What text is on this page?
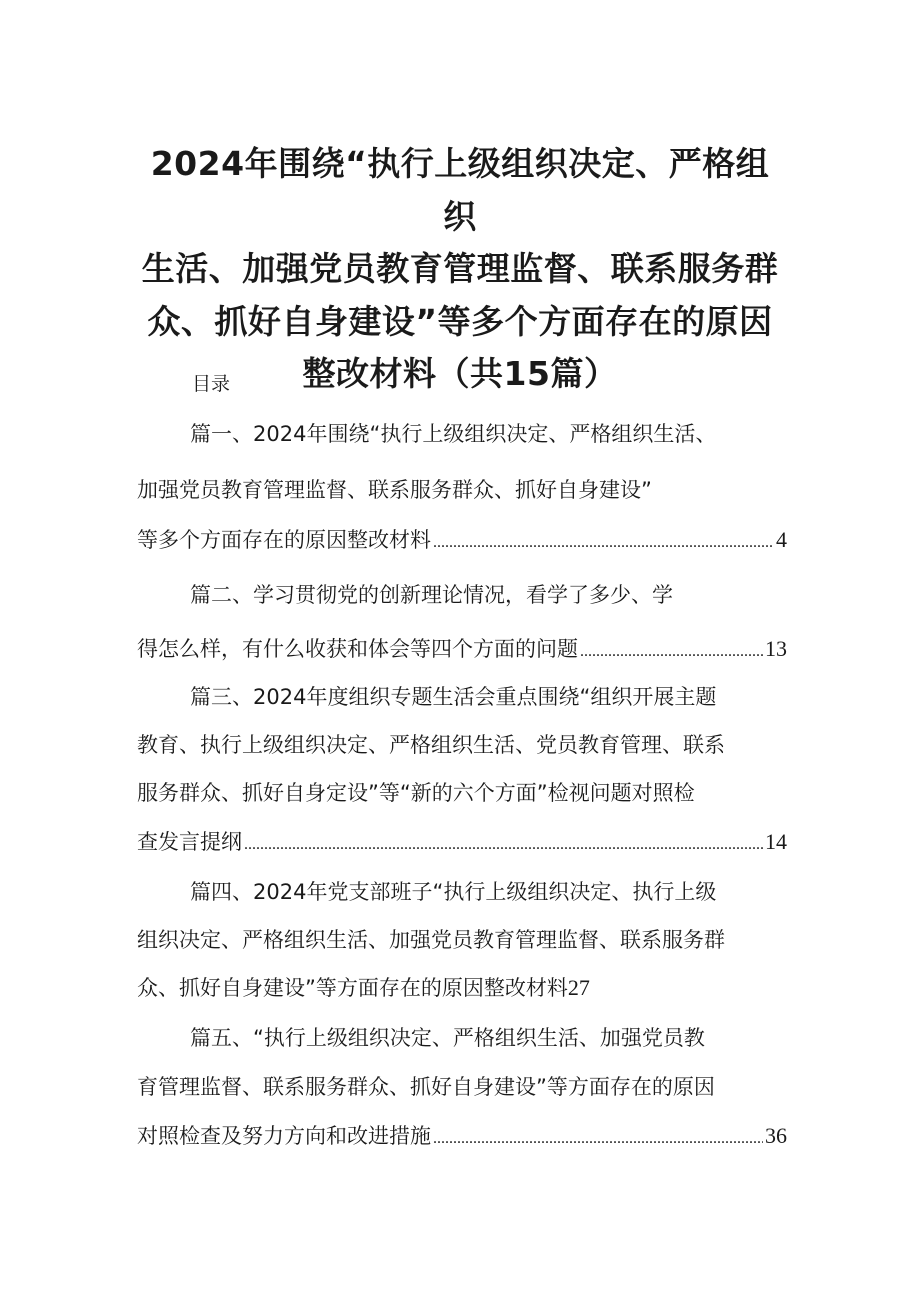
2024年围绕“执行上级组织决定、严格组织
生活、加强党员教育管理监督、联系服务群
众、抓好自身建设”等多个方面存在的原因
整改材料（共15篇）
目录
篇一、2024年围绕“执行上级组织决定、严格组织生活、
加强党员教育管理监督、联系服务群众、抓好自身建设”
等多个方面存在的原因整改材料 .....	4
篇二、学习贯彻党的创新理论情况，看学了多少、学
得怎么样，有什么收获和体会等四个方面的问题 .....	13
篇三、2024年度组织专题生活会重点围绕“组织开展主题
教育、执行上级组织决定、严格组织生活、党员教育管理、联系
服务群众、抓好自身定设”等“新的六个方面”检视问题对照检
查发言提纲 .....	14
篇四、2024年党支部班子“执行上级组织决定、执行上级
组织决定、严格组织生活、加强党员教育管理监督、联系服务群
众、抓好自身建设”等方面存在的原因整改材料27
篇五、“执行上级组织决定、严格组织生活、加强党员教
育管理监督、联系服务群众、抓好自身建设”等方面存在的原因
对照检查及努力方向和改进措施 .....	36
